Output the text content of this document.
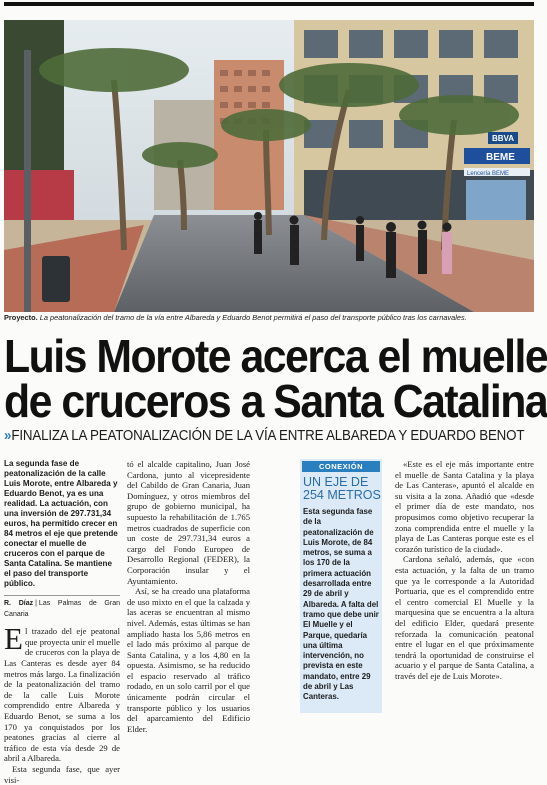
BEME
Lencería BEME
BBVA
Proyecto. La peatonalización del tramo de la vía entre Albareda y Eduardo Benot permitirá el paso del transporte público tras los carnavales.
Luis Morote acerca el muelle
de cruceros a Santa Catalina
» FINALIZA LA PEATONALIZACIÓN DE LA VÍA ENTRE ALBAREDA Y EDUARDO BENOT

La segunda fase de peatonalización de la calle Luis Morote, entre Albareda y Eduardo Benot, ya es una realidad. La actuación, con una inversión de 297.731,34 euros, ha permitido crecer en 84 metros el eje que pretende conectar el muelle de cruceros con el parque de Santa Catalina. Se mantiene el paso del transporte público.

R. Díaz | Las Palmas de Gran Canaria

El trazado del eje peatonal que proyecta unir el muelle de cruceros con la playa de Las Canteras es desde ayer 84 metros más largo. La finalización de la peatonalización del tramo de la calle Luis Morote comprendido entre Albareda y Eduardo Benot, se suma a los 170 ya conquistados por los peatones gracias al cierre al tráfico de esta vía desde 29 de abril a Albareda.

Esta segunda fase, que ayer visi-

tó el alcalde capitalino, Juan José Cardona, junto al vicepresidente del Cabildo de Gran Canaria, Juan Domínguez, y otros miembros del grupo de gobierno municipal, ha supuesto la rehabilitación de 1.765 metros cuadrados de superficie con un coste de 297.731,34 euros a cargo del Fondo Europeo de Desarrollo Regional (FEDER), la Corporación insular y el Ayuntamiento.

Así, se ha creado una plataforma de uso mixto en el que la calzada y las aceras se encuentran al mismo nivel. Además, estas últimas se han ampliado hasta los 5,86 metros en el lado más próximo al parque de Santa Catalina, y a los 4,80 en la opuesta. Asimismo, se ha reducido el espacio reservado al tráfico rodado, en un solo carril por el que únicamente podrán circular el transporte público y los usuarios del aparcamiento del Edificio Elder.

CONEXIÓN
UN EJE DE
254 METROS
Esta segunda fase de la peatonalización de Luis Morote, de 84 metros, se suma a los 170 de la primera actuación desarrollada entre 29 de abril y Albareda. A falta del tramo que debe unir El Muelle y el Parque, quedaría una última intervención, no prevista en este mandato, entre 29 de abril y Las Canteras.

«Este es el eje más importante entre el muelle de Santa Catalina y la playa de Las Canteras», apuntó el alcalde en su visita a la zona. Añadió que «desde el primer día de este mandato, nos propusimos como objetivo recuperar la zona comprendida entre el muelle y la playa de Las Canteras porque este es el corazón turístico de la ciudad».

Cardona señaló, además, que «con esta actuación, y la falta de un tramo que ya le corresponde a la Autoridad Portuaria, que es el comprendido entre el centro comercial El Muelle y la marquesina que se encuentra a la altura del edificio Elder, quedará presente reforzada la comunicación peatonal entre el lugar en el que próximamente tendrá la oportunidad de construirse el acuario y el parque de Santa Catalina, a través del eje de Luis Morote».
